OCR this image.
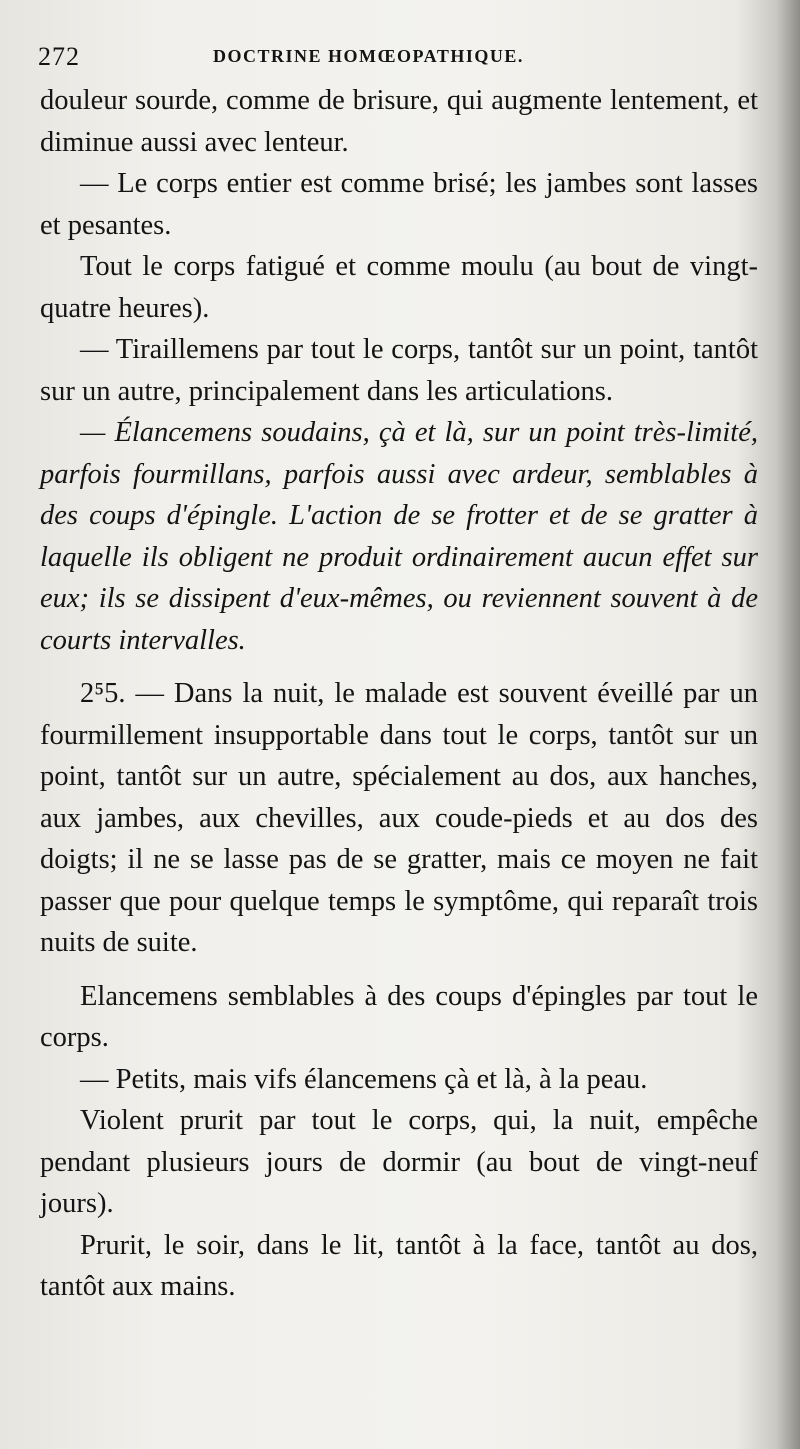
272	DOCTRINE HOMŒOPATHIQUE.

douleur sourde, comme de brisure, qui augmente lentement, et diminue aussi avec lenteur.

— Le corps entier est comme brisé; les jambes sont lasses et pesantes.

Tout le corps fatigué et comme moulu (au bout de vingt-quatre heures).

— Tiraillemens par tout le corps, tantôt sur un point, tantôt sur un autre, principalement dans les articulations.

— Élancemens soudains, çà et là, sur un point très-limité, parfois fourmillans, parfois aussi avec ardeur, semblables à des coups d'épingle. L'action de se frotter et de se gratter à laquelle ils obligent ne produit ordinairement aucun effet sur eux; ils se dissipent d'eux-mêmes, ou reviennent souvent à de courts intervalles.

2⁵5. — Dans la nuit, le malade est souvent éveillé par un fourmillement insupportable dans tout le corps, tantôt sur un point, tantôt sur un autre, spécialement au dos, aux hanches, aux jambes, aux chevilles, aux coude-pieds et au dos des doigts; il ne se lasse pas de se gratter, mais ce moyen ne fait passer que pour quelque temps le symptôme, qui reparaît trois nuits de suite.

Elancemens semblables à des coups d'épingles par tout le corps.

— Petits, mais vifs élancemens çà et là, à la peau.

Violent prurit par tout le corps, qui, la nuit, empêche pendant plusieurs jours de dormir (au bout de vingt-neuf jours).

Prurit, le soir, dans le lit, tantôt à la face, tantôt au dos, tantôt aux mains.
